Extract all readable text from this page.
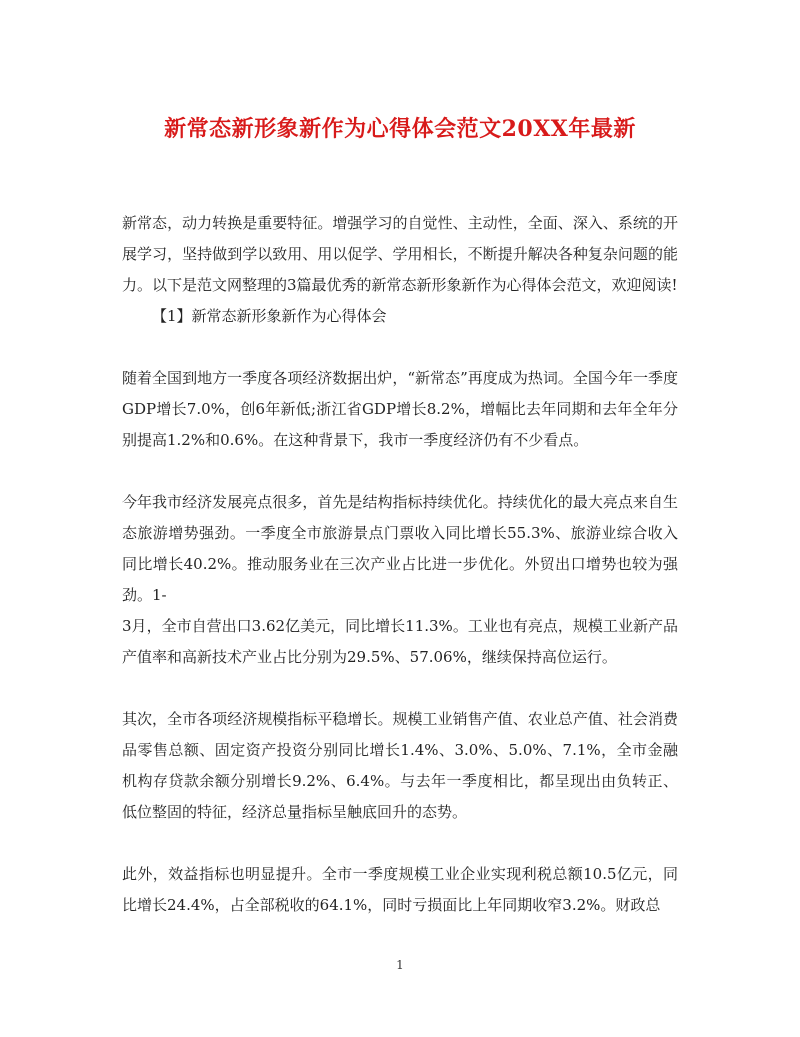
新常态新形象新作为心得体会范文20XX年最新

新常态，动力转换是重要特征。增强学习的自觉性、主动性，全面、深入、系统的开展学习，坚持做到学以致用、用以促学、学用相长，不断提升解决各种复杂问题的能力。以下是范文网整理的3篇最优秀的新常态新形象新作为心得体会范文，欢迎阅读!

【1】新常态新形象新作为心得体会

随着全国到地方一季度各项经济数据出炉，“新常态”再度成为热词。全国今年一季度GDP增长7.0%，创6年新低;浙江省GDP增长8.2%，增幅比去年同期和去年全年分别提高1.2%和0.6%。在这种背景下，我市一季度经济仍有不少看点。

今年我市经济发展亮点很多，首先是结构指标持续优化。持续优化的最大亮点来自生态旅游增势强劲。一季度全市旅游景点门票收入同比增长55.3%、旅游业综合收入同比增长40.2%。推动服务业在三次产业占比进一步优化。外贸出口增势也较为强劲。1-

3月，全市自营出口3.62亿美元，同比增长11.3%。工业也有亮点，规模工业新产品产值率和高新技术产业占比分别为29.5%、57.06%，继续保持高位运行。

其次，全市各项经济规模指标平稳增长。规模工业销售产值、农业总产值、社会消费品零售总额、固定资产投资分别同比增长1.4%、3.0%、5.0%、7.1%，全市金融机构存贷款余额分别增长9.2%、6.4%。与去年一季度相比，都呈现出由负转正、低位整固的特征，经济总量指标呈触底回升的态势。

此外，效益指标也明显提升。全市一季度规模工业企业实现利税总额10.5亿元，同比增长24.4%，占全部税收的64.1%，同时亏损面比上年同期收窄3.2%。财政总

1
